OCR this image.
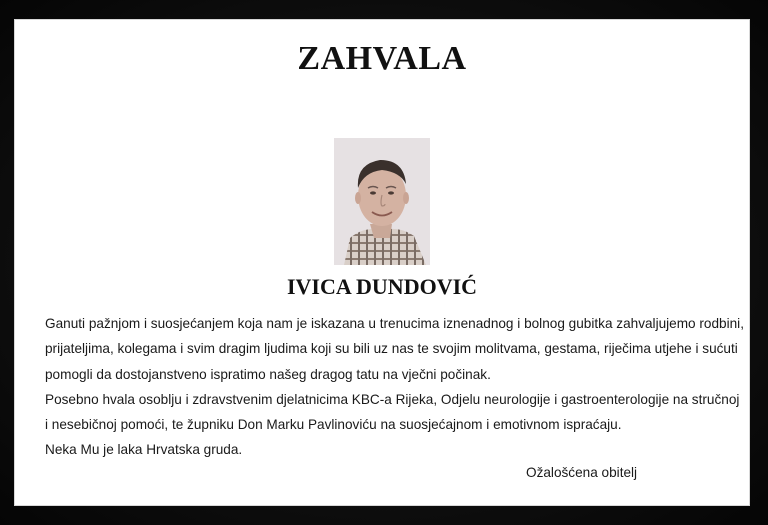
ZAHVALA
IVICA DUNDOVIĆ

Ganuti pažnjom i suosjećanjem koja nam je iskazana u trenucima iznenadnog i bolnog gubitka zahvaljujemo rodbini, prijateljima, kolegama i svim dragim ljudima koji su bili uz nas te svojim molitvama, gestama, riječima utjehe i sućuti pomogli da dostojanstveno ispratimo našeg dragog tatu na vječni počinak.

Posebno hvala osoblju i zdravstvenim djelatnicima KBC-a Rijeka, Odjelu neurologije i gastroenterologije na stručnoj i nesebičnoj pomoći, te župniku Don Marku Pavlinoviću na suosjećajnom i emotivnom ispraćaju.

Neka Mu je laka Hrvatska gruda.

Ožalošćena obitelj
